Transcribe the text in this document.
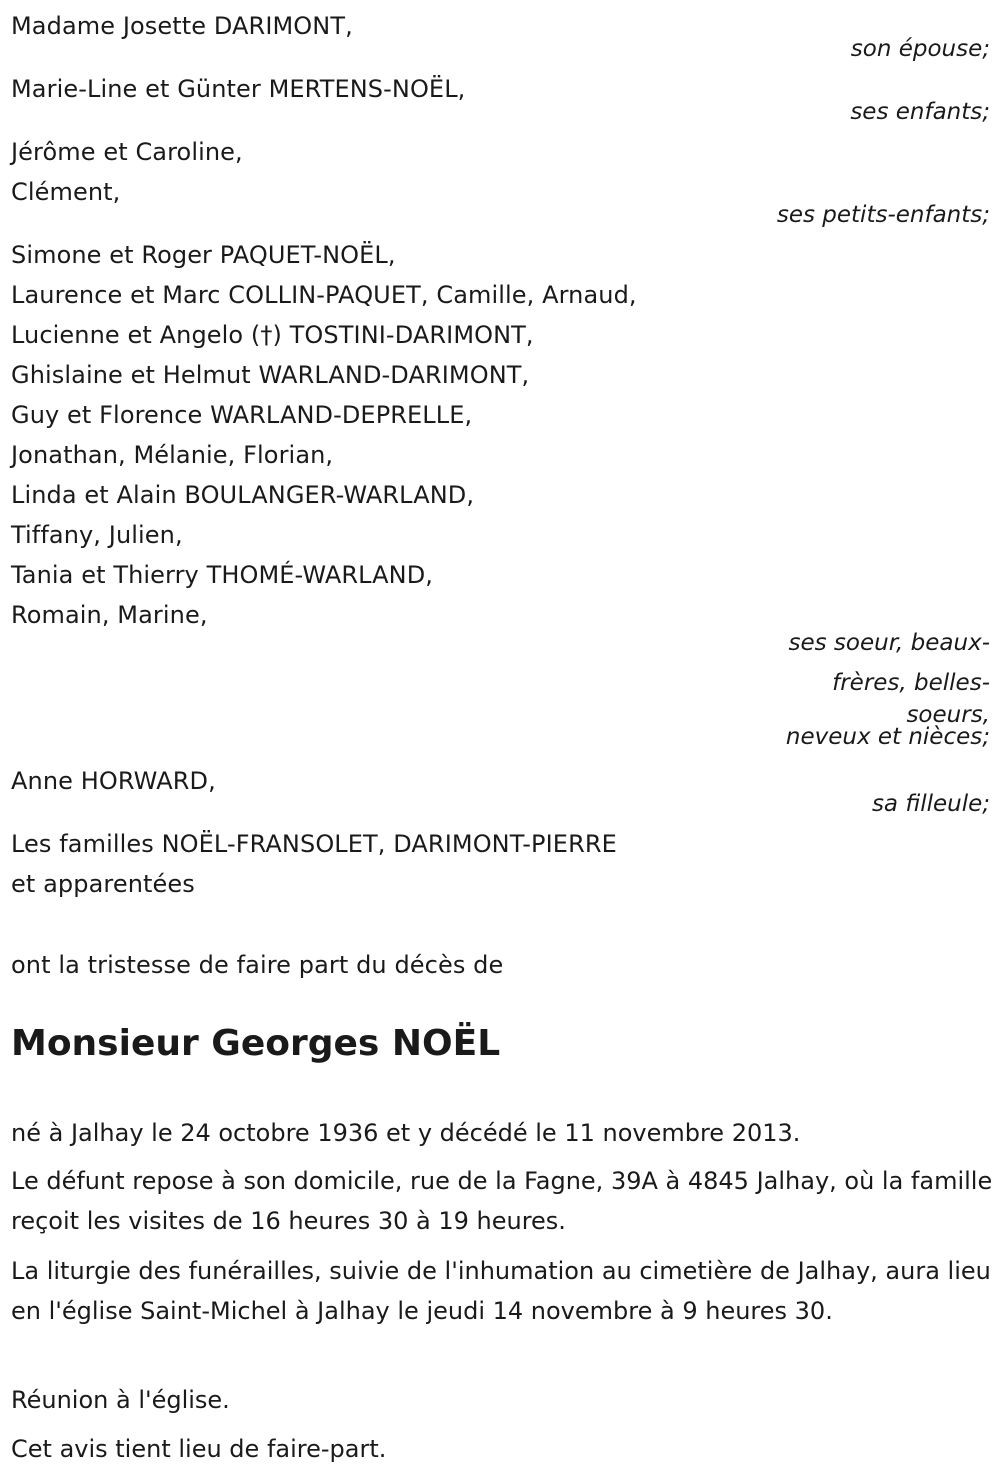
Madame Josette DARIMONT,
son épouse;
Marie-Line et Günter MERTENS-NOËL,
ses enfants;
Jérôme et Caroline,
Clément,
ses petits-enfants;
Simone et Roger PAQUET-NOËL,
Laurence et Marc COLLIN-PAQUET, Camille, Arnaud,
Lucienne et Angelo (†) TOSTINI-DARIMONT,
Ghislaine et Helmut WARLAND-DARIMONT,
Guy et Florence WARLAND-DEPRELLE,
Jonathan, Mélanie, Florian,
Linda et Alain BOULANGER-WARLAND,
Tiffany, Julien,
Tania et Thierry THOMÉ-WARLAND,
Romain, Marine,
ses soeur, beaux-
frères, belles-
soeurs,
neveux et nièces;
Anne HORWARD,
sa filleule;
Les familles NOËL-FRANSOLET, DARIMONT-PIERRE
et apparentées
ont la tristesse de faire part du décès de
Monsieur Georges NOËL
né à Jalhay le 24 octobre 1936 et y décédé le 11 novembre 2013.
Le défunt repose à son domicile, rue de la Fagne, 39A à 4845 Jalhay, où la famille reçoit les visites de 16 heures 30 à 19 heures.
La liturgie des funérailles, suivie de l'inhumation au cimetière de Jalhay, aura lieu en l'église Saint-Michel à Jalhay le jeudi 14 novembre à 9 heures 30.
Réunion à l'église.
Cet avis tient lieu de faire-part.
